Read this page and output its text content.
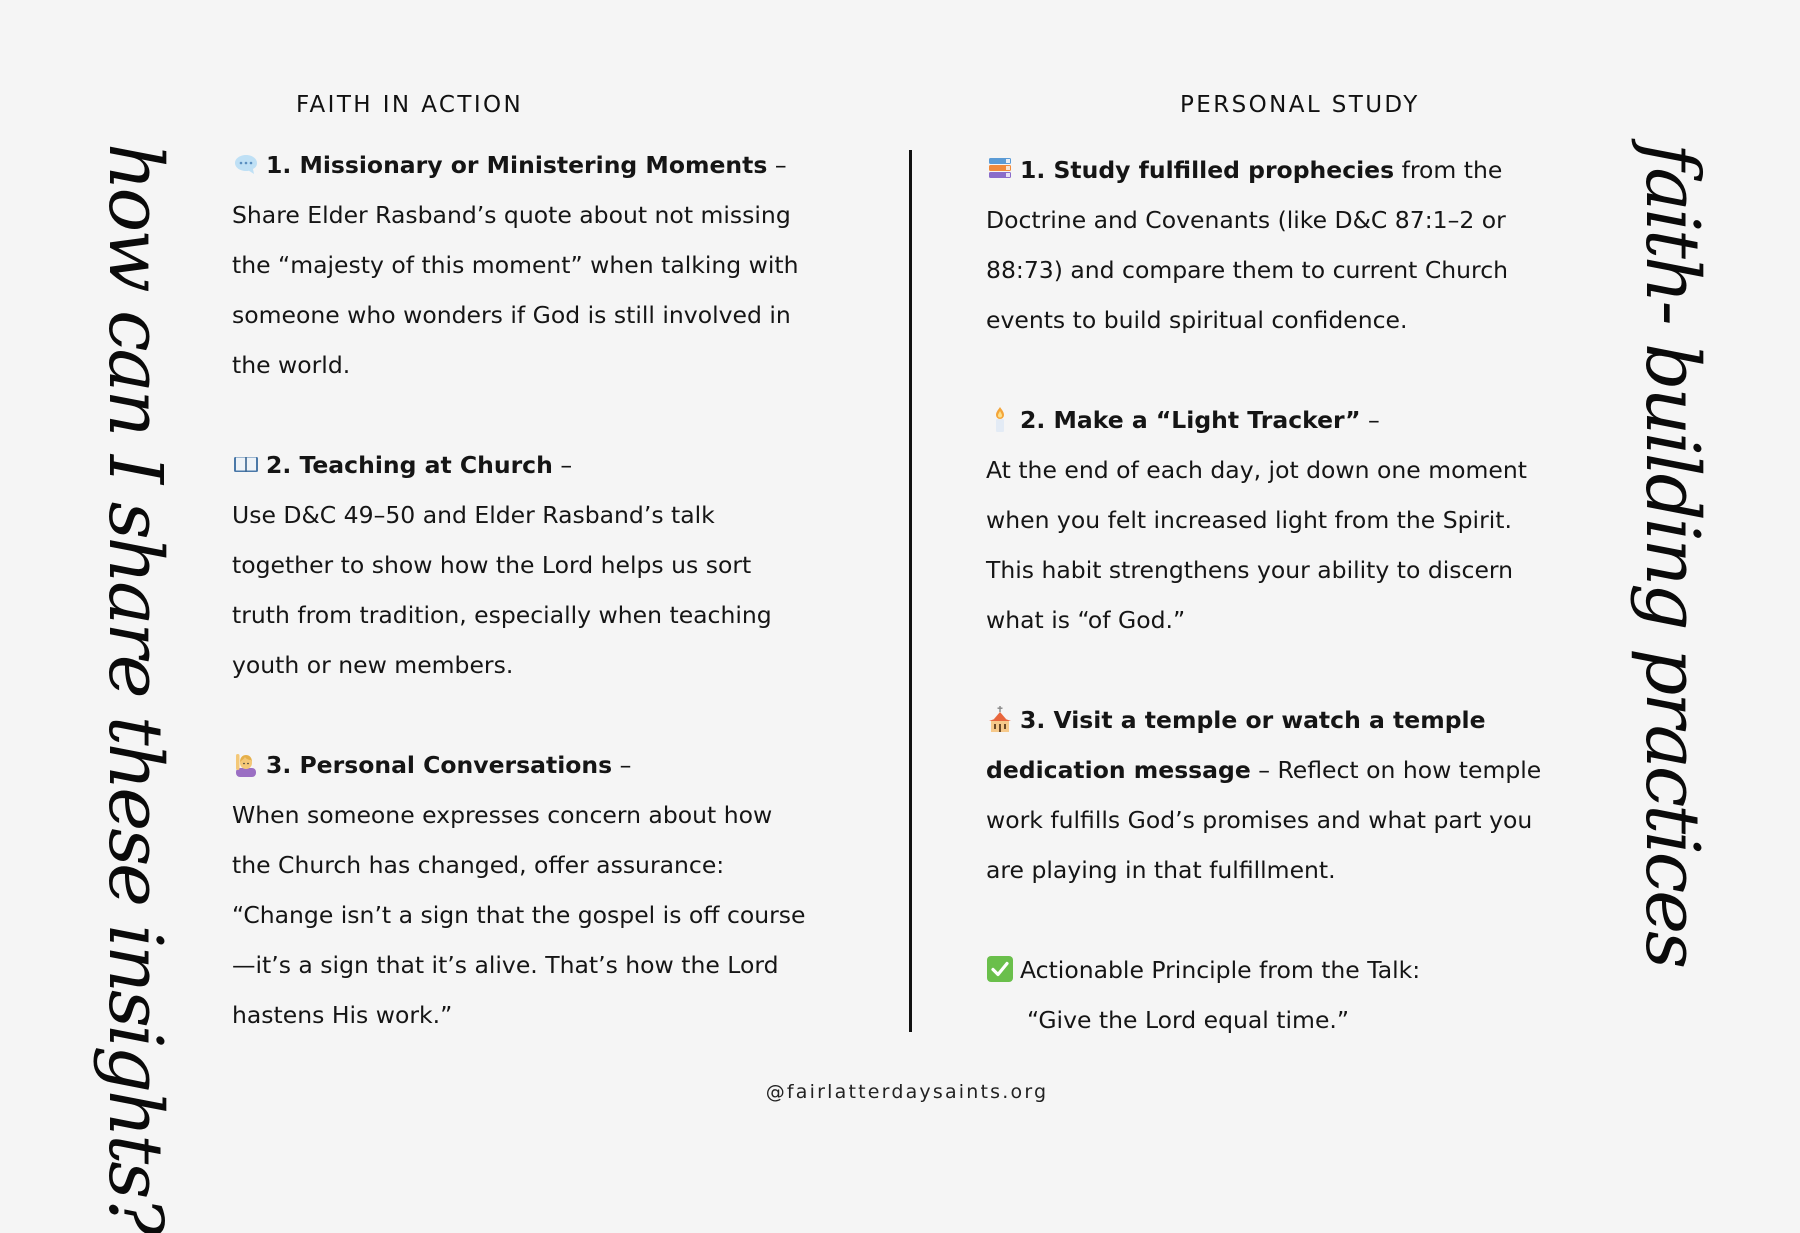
FAITH IN ACTION	PERSONAL STUDY
how can I share these insights?	faith- building practices
1. Missionary or Ministering Moments –
Share Elder Rasband’s quote about not missing
the “majesty of this moment” when talking with
someone who wonders if God is still involved in
the world.
2. Teaching at Church –
Use D&C 49–50 and Elder Rasband’s talk
together to show how the Lord helps us sort
truth from tradition, especially when teaching
youth or new members.
3. Personal Conversations –
When someone expresses concern about how
the Church has changed, offer assurance:
“Change isn’t a sign that the gospel is off course
—it’s a sign that it’s alive. That’s how the Lord
hastens His work.”
1. Study fulfilled prophecies from the
Doctrine and Covenants (like D&C 87:1–2 or
88:73) and compare them to current Church
events to build spiritual confidence.
2. Make a “Light Tracker” –
At the end of each day, jot down one moment
when you felt increased light from the Spirit.
This habit strengthens your ability to discern
what is “of God.”
3. Visit a temple or watch a temple
dedication message – Reflect on how temple
work fulfills God’s promises and what part you
are playing in that fulfillment.
Actionable Principle from the Talk:
“Give the Lord equal time.”
@fairlatterdaysaints.org
